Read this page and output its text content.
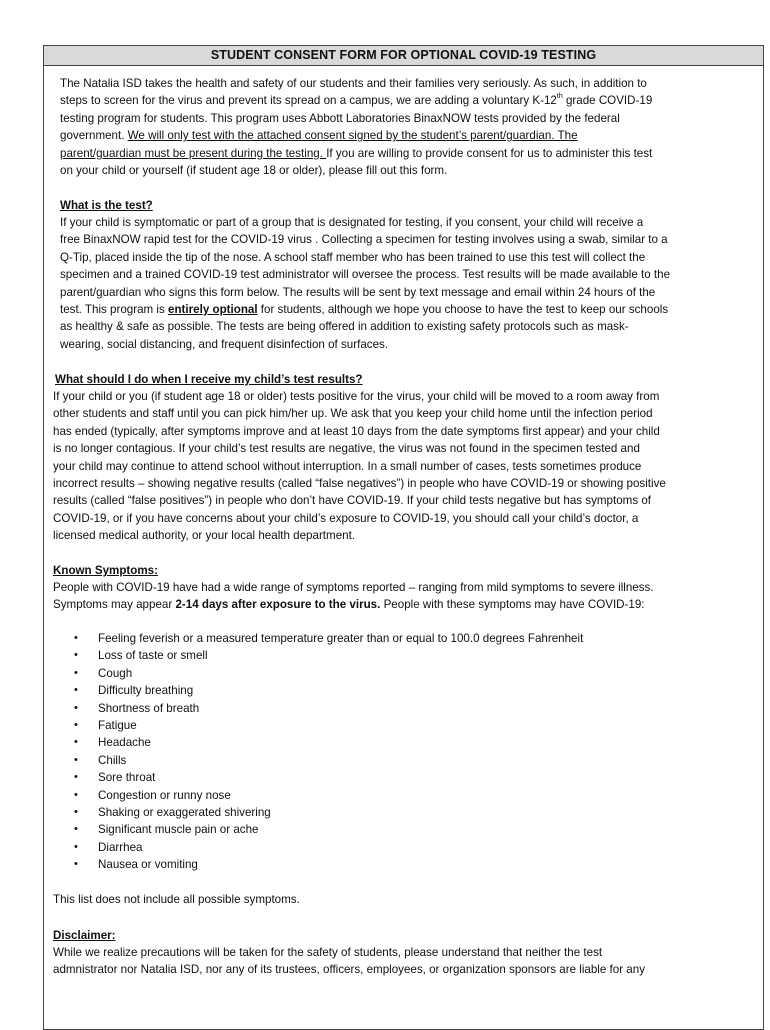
STUDENT CONSENT FORM FOR OPTIONAL COVID-19 TESTING
The Natalia ISD takes the health and safety of our students and their families very seriously. As such, in addition to
steps to screen for the virus and prevent its spread on a campus, we are adding a voluntary K-12th grade COVID-19
testing program for students. This program uses Abbott Laboratories BinaxNOW tests provided by the federal
government. We will only test with the attached consent signed by the student’s parent/guardian. The
parent/guardian must be present during the testing. If you are willing to provide consent for us to administer this test
on your child or yourself (if student age 18 or older), please fill out this form.
What is the test?
If your child is symptomatic or part of a group that is designated for testing, if you consent, your child will receive a
free BinaxNOW rapid test for the COVID-19 virus . Collecting a specimen for testing involves using a swab, similar to a
Q-Tip, placed inside the tip of the nose. A school staff member who has been trained to use this test will collect the
specimen and a trained COVID-19 test administrator will oversee the process. Test results will be made available to the
parent/guardian who signs this form below. The results will be sent by text message and email within 24 hours of the
test. This program is entirely optional for students, although we hope you choose to have the test to keep our schools
as healthy & safe as possible. The tests are being offered in addition to existing safety protocols such as mask-
wearing, social distancing, and frequent disinfection of surfaces.
What should I do when I receive my child’s test results?
If your child or you (if student age 18 or older) tests positive for the virus, your child will be moved to a room away from
other students and staff until you can pick him/her up. We ask that you keep your child home until the infection period
has ended (typically, after symptoms improve and at least 10 days from the date symptoms first appear) and your child
is no longer contagious. If your child’s test results are negative, the virus was not found in the specimen tested and
your child may continue to attend school without interruption. In a small number of cases, tests sometimes produce
incorrect results – showing negative results (called “false negatives”) in people who have COVID-19 or showing positive
results (called “false positives”) in people who don’t have COVID-19. If your child tests negative but has symptoms of
COVID-19, or if you have concerns about your child’s exposure to COVID-19, you should call your child’s doctor, a
licensed medical authority, or your local health department.
Known Symptoms:
People with COVID-19 have had a wide range of symptoms reported – ranging from mild symptoms to severe illness.
Symptoms may appear 2-14 days after exposure to the virus. People with these symptoms may have COVID-19:
•	Feeling feverish or a measured temperature greater than or equal to 100.0 degrees Fahrenheit
•	Loss of taste or smell
•	Cough
•	Difficulty breathing
•	Shortness of breath
•	Fatigue
•	Headache
•	Chills
•	Sore throat
•	Congestion or runny nose
•	Shaking or exaggerated shivering
•	Significant muscle pain or ache
•	Diarrhea
•	Nausea or vomiting
This list does not include all possible symptoms.
Disclaimer:
While we realize precautions will be taken for the safety of students, please understand that neither the test
admnistrator nor Natalia ISD, nor any of its trustees, officers, employees, or organization sponsors are liable for any
